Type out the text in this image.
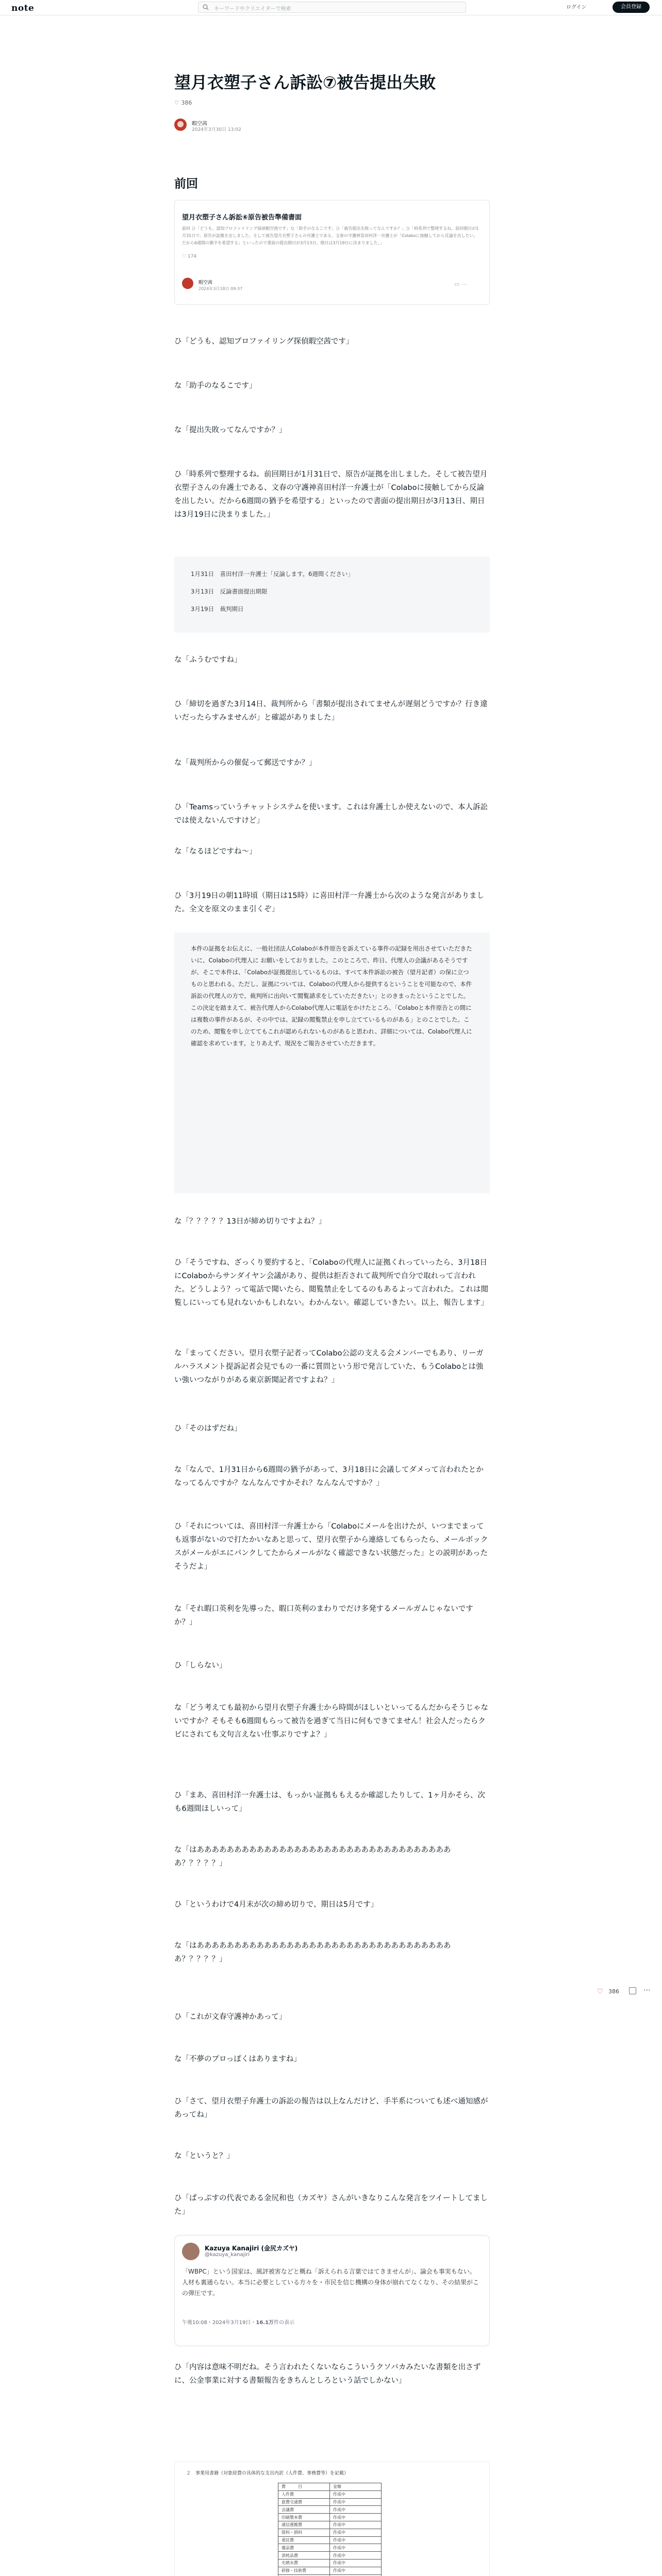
note	キーワードやクリエイターで検索	ログイン	会員登録
望月衣塑子さん訴訟⑦被告提出失敗
♡ 386
暇空茜
2024年3月30日 13:02
前回
望月衣塑子さん訴訟⑥原告被告準備書面
前回 ひ「どうも、認知プロファイリング探偵暇空茜です」な「助手のなるこです」ひ「被告提出失敗ってなんですか？」ひ「時系列で整理するね。前回期日が1月31日で、原告が証拠を出しました。そして被告望月衣塑子さんの弁護士である、文春の守護神喜田村洋一弁護士が「Colaboに接触してから反論を出したい。だから6週間の猶予を希望する」といったので書面の提出期日が3月13日、期日は3月19日に決まりました。」
♡ 174
暇空茜
2024年3月18日 09:37
▭ ⋯
ひ「どうも、認知プロファイリング探偵暇空茜です」
な「助手のなるこです」
な「提出失敗ってなんですか？」
ひ「時系列で整理するね。前回期日が1月31日で、原告が証拠を出しました。そして被告望月衣塑子さんの弁護士である、文春の守護神喜田村洋一弁護士が「Colaboに接触してから反論を出したい。だから6週間の猶予を希望する」といったので書面の提出期日が3月13日、期日は3月19日に決まりました。」
1月31日　喜田村洋一弁護士「反論します。6週間ください」
3月13日　反論書面提出期限
3月19日　裁判期日
な「ふうむですね」
ひ「締切を過ぎた3月14日、裁判所から「書類が提出されてませんが遅刻どうですか？行き違いだったらすみませんが」と確認がありました」
な「裁判所からの催促って郵送ですか？」
ひ「Teamsっていうチャットシステムを使います。これは弁護士しか使えないので、本人訴訟では使えないんですけど」
な「なるほどですね～」
ひ「3月19日の朝11時頃（期日は15時）に喜田村洋一弁護士から次のような発言がありました。全文を原文のまま引くぞ」
本件の証拠をお伝えに、一般社団法人Colaboが本件原告を訴えている事件の記録を用出させていただきたいに、Colaboの代理人に お願いをしておりました。このところで、昨日、代理人の会議があるそうですが、そこで本件は、「Colaboが証拠提出しているものは、すべて本件訴訟の被告（望月記者）の保に立つものと思われる。ただし、証拠については、Colaboの代理人から提供するということを可能なので、本件訴訟の代理人の方で、裁判所に出向いて閲覧請求をしていただきたい」とのきまったということでした。この決定を踏まえて、被告代理人からColabo代理人に電話をかけたところ、「Colaboと本件原告との間には複数の事件があるが、その中では、記録の閲覧禁止を申し立てているものがある」とのことでした。このため、閲覧を申し立ててもこれが認められないものがあると思われ、詳細については、Colabo代理人に確認を求めています。とりあえず、現況をご報告させていただきます。
な「？？？？？13日が締め切りですよね？」
ひ「そうですね、ざっくり要約すると、「Colaboの代理人に証拠くれっていったら、3月18日にColaboからサンダイヤン会議があり、提供は拒否されて裁判所で自分で取れって言われた。どうしよう？って電話で聞いたら、閲覧禁止をしてるのもあるよって言われた。これは閲覧しにいっても見れないかもしれない。わかんない。確認していきたい。以上、報告します」
な「まってください。望月衣塑子記者ってColabo公認の支える会メンバーでもあり、リーガルハラスメント提訴記者会見でもの一番に質問という形で発言していた、もうColaboとは強い強いつながりがある東京新聞記者ですよね？」
ひ「そのはずだね」
な「なんで、1月31日から6週間の猶予があって、3月18日に会議してダメって言われたとかなってるんですか？なんなんですかそれ？なんなんですか？」
ひ「それについては、喜田村洋一弁護士から「Colaboにメールを出けたが、いつまでまっても返事がないので打たかいなあと思って、望月衣塑子から連絡してもらったら、メールボックスがメールがエにパンクしてたからメールがなく確認できない状態だった」との説明があったそうだよ」
な「それ暇口英利を先導った、暇口英利のまわりでだけ多発するメールガムじゃないですか？」
ひ「しらない」
な「どう考えても最初から望月衣塑子弁護士から時間がほしいといってるんだからそうじゃないですか？そもそも6週間もらって被告を過ぎて当日に何もできてません！社会人だったらクビにされても文句言えない仕事ぶりですよ？」
ひ「まあ、喜田村洋一弁護士は、もっかい証拠ももえるか確認したりして、1ヶ月かそら、次も6週間ほしいって」
な「はあああああああああああああああああああああああああああああああああああ？？？？？」
ひ「というわけで4月末が次の締め切りで、期日は5月です」
な「はあああああああああああああああああああああああああああああああああああ？？？？？」
ひ「これが文春守護神かあって」
な「不夢のプロっぽくはありますね」
ひ「さて、望月衣塑子弁護士の訴訟の報告は以上なんだけど、手半系についても述べ通知感があってね」
な「というと？」
ひ「ぱっぷすの代表である金尻和也（カズヤ）さんがいきなりこんな発言をツイートしてました」
Kazuya Kanajiri (金尻カズヤ)
@kazuya_kanajiri
「WBPC」という国家は、風評被害などと概ね「訴えられる言葉ではてきませんが」、論会も事実もない。人材も裏通らない。本当に必要としている方々を・市民を信じ機構の身体が崩れてなくなり、その結果がこの弾圧です。
午後10:08・2024年3月19日・16.1万件の表示
ひ「内容は意味不明だね。そう言われたくないならこういうクソバカみたいな書類を出さずに、公金事業に対する書類報告をきちんとしろという話でしかない」
２　事業用書籍（対象経費の具体的な支出内訳（人件費、事務費等）を記載）
費　　　目	金額
人件費	作成中
旅費交通費	作成中
会議費	作成中
印刷製本費	作成中
通信運搬費	作成中
借料・損料	作成中
委託費	作成中
備品費	作成中
消耗品費	作成中
光熱水費	作成中
研修・技術費	作成中

♡ 386	⋯
